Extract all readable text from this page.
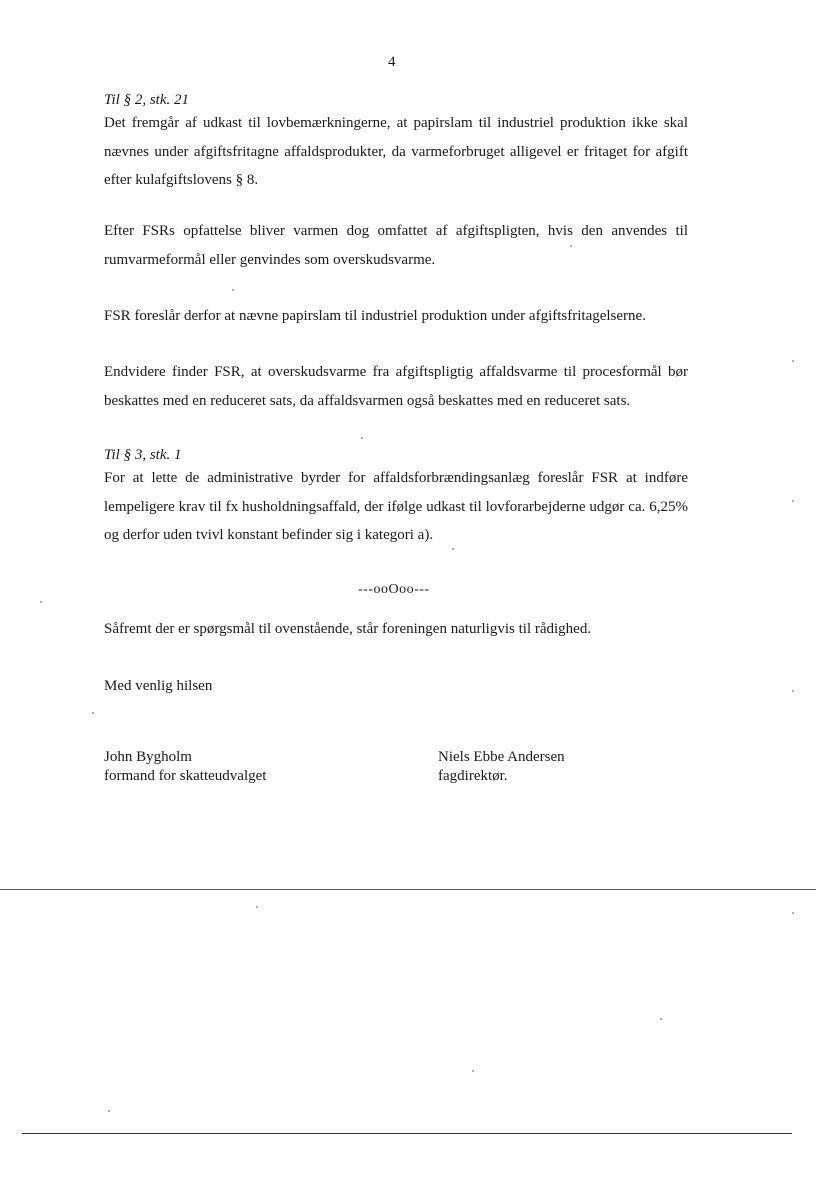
4
Til § 2, stk. 21

Det fremgår af udkast til lovbemærkningerne, at papirslam til industriel produktion ikke skal nævnes under afgiftsfritagne affaldsprodukter, da varmeforbruget alligevel er fritaget for afgift efter kulafgiftslovens § 8.

Efter FSRs opfattelse bliver varmen dog omfattet af afgiftspligten, hvis den anvendes til rumvarmeformål eller genvindes som overskudsvarme.

FSR foreslår derfor at nævne papirslam til industriel produktion under afgiftsfritagelserne.

Endvidere finder FSR, at overskudsvarme fra afgiftspligtig affaldsvarme til procesformål bør beskattes med en reduceret sats, da affaldsvarmen også beskattes med en reduceret sats.

Til § 3, stk. 1

For at lette de administrative byrder for affaldsforbrændingsanlæg foreslår FSR at indføre lempeligere krav til fx husholdningsaffald, der ifølge udkast til lovforarbejderne udgør ca. 6,25% og derfor uden tvivl konstant befinder sig i kategori a).

---ooOoo---

Såfremt der er spørgsmål til ovenstående, står foreningen naturligvis til rådighed.

Med venlig hilsen

John Bygholm
formand for skatteudvalget
Niels Ebbe Andersen
fagdirektør.
